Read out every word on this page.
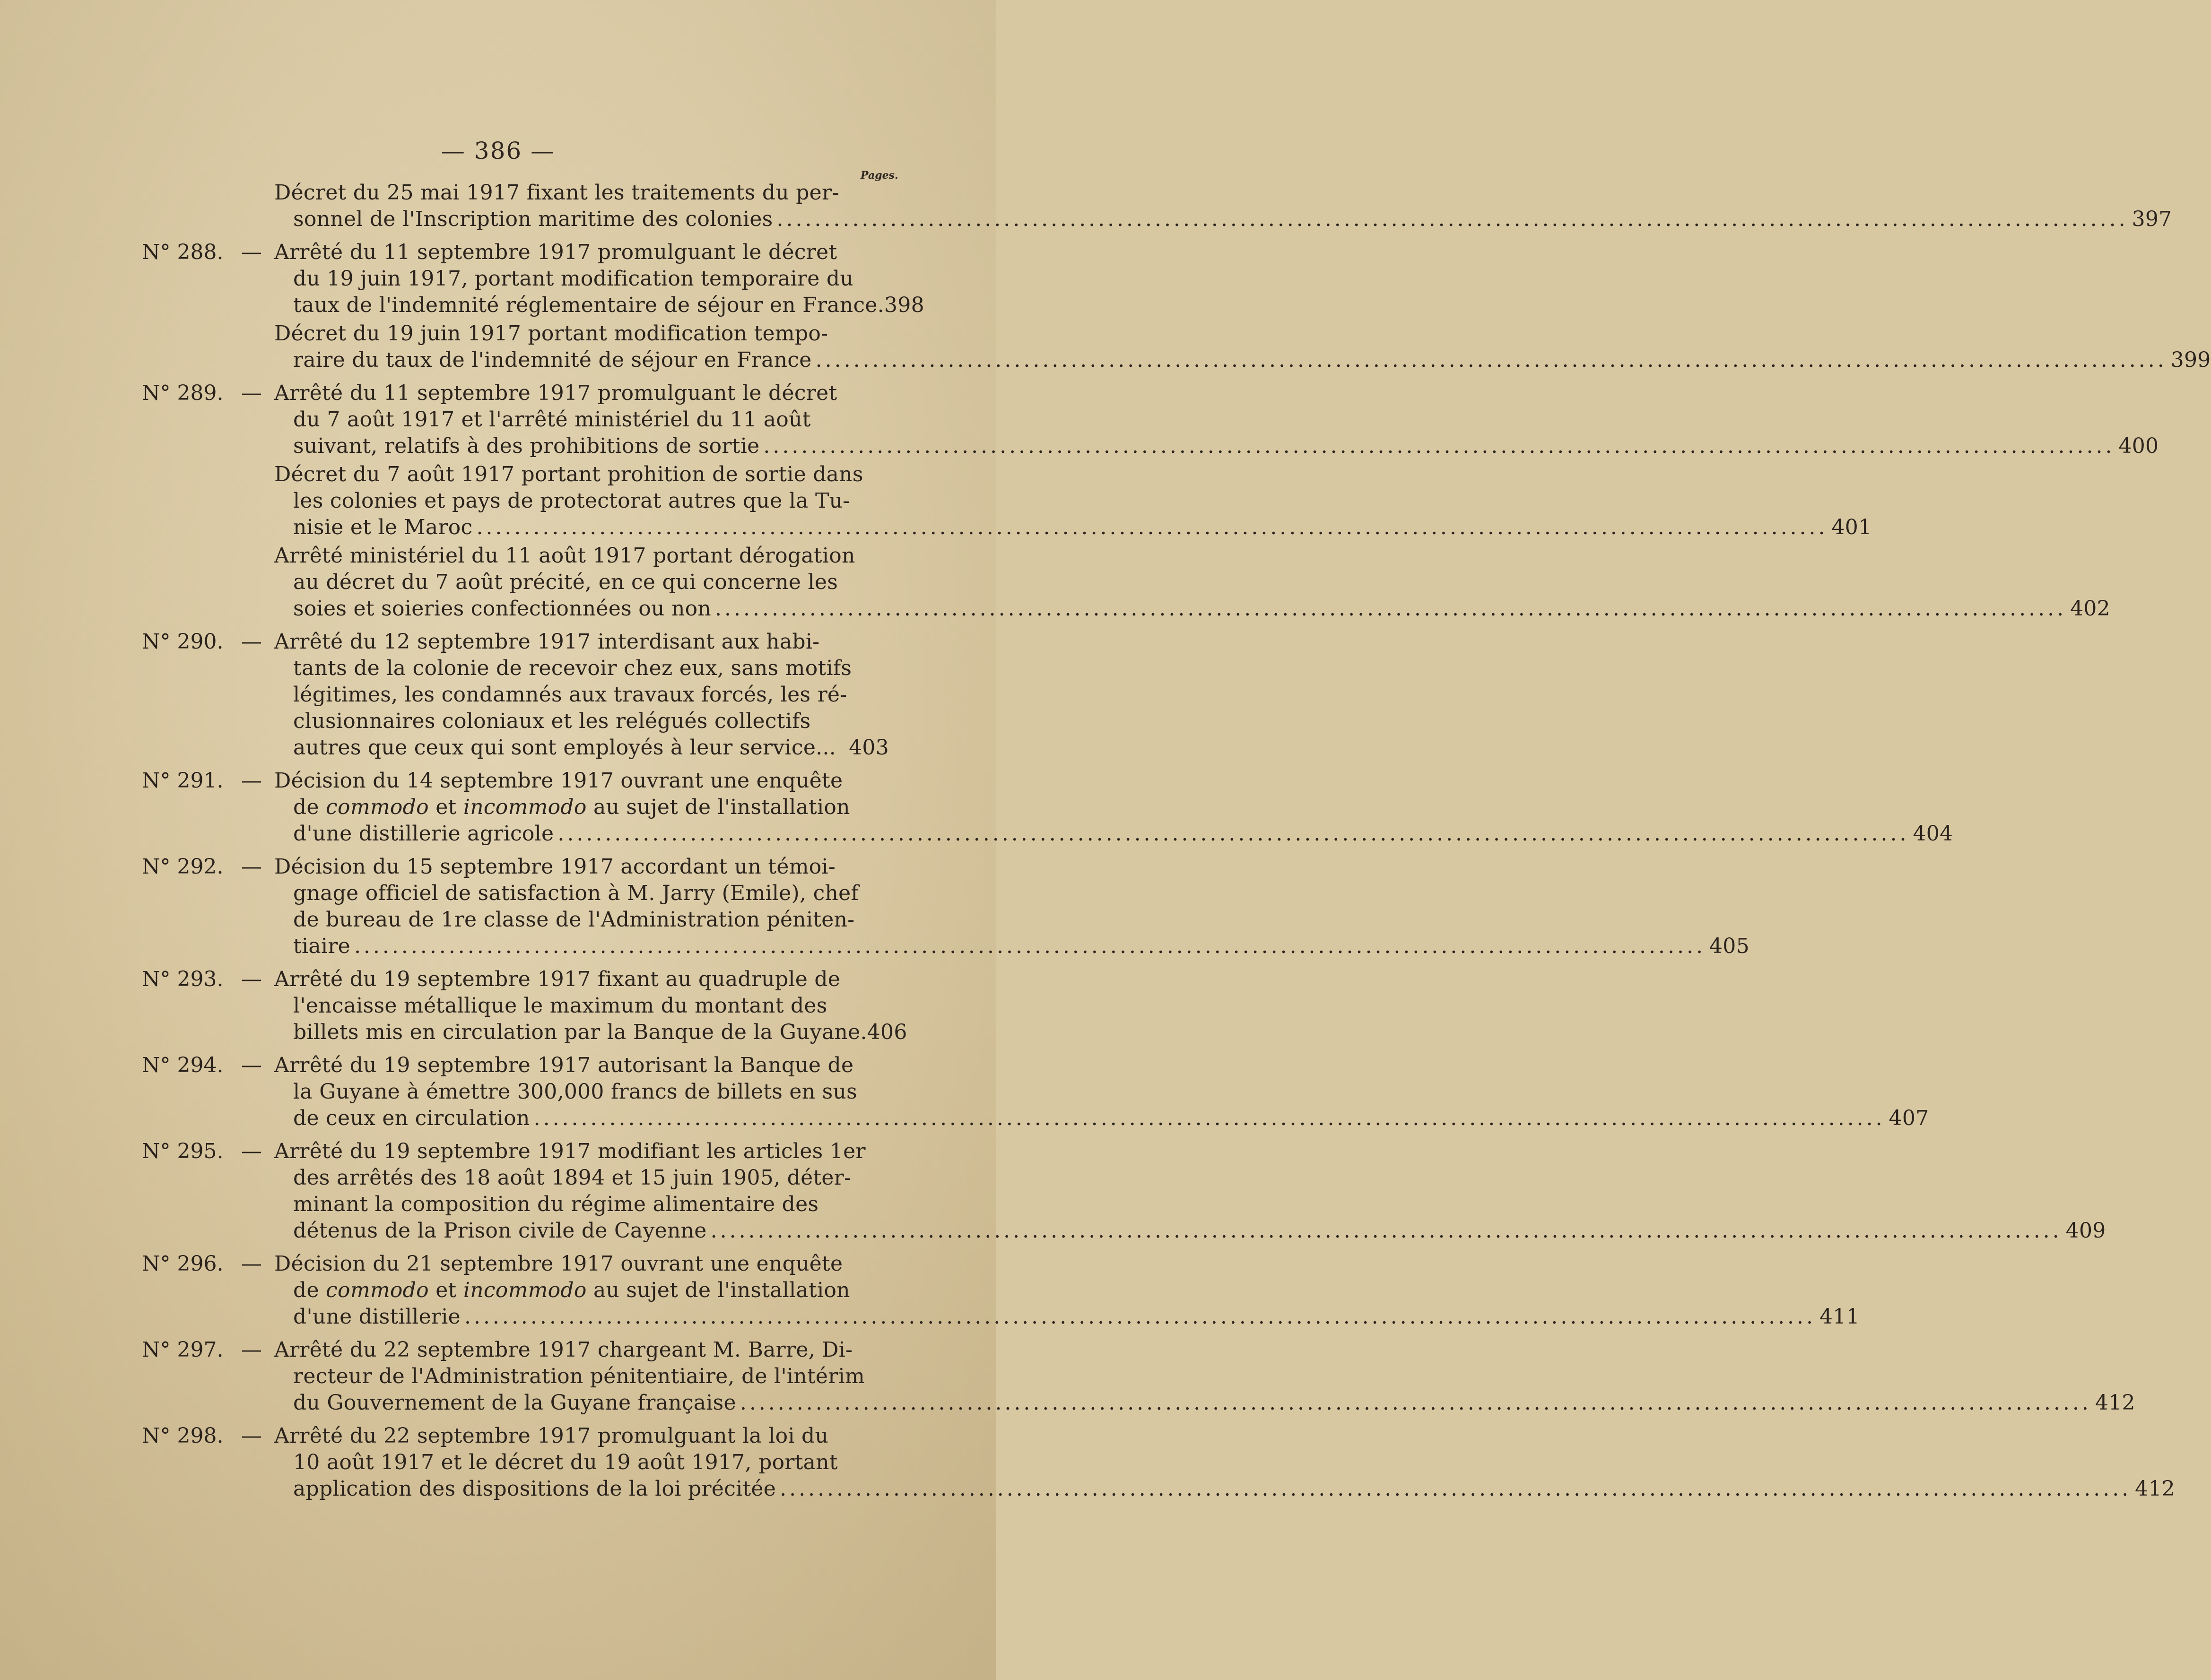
— 386 —
Pages.
Décret du 25 mai 1917 fixant les traitements du per-
sonnel de l'Inscription maritime des colonies .....	397
N° 288. — Arrêté du 11 septembre 1917 promulguant le décret
du 19 juin 1917, portant modification temporaire du
taux de l'indemnité réglementaire de séjour en France. 398
Décret du 19 juin 1917 portant modification tempo-
raire du taux de l'indemnité de séjour en France .....	399
N° 289. — Arrêté du 11 septembre 1917 promulguant le décret
du 7 août 1917 et l'arrêté ministériel du 11 août
suivant, relatifs à des prohibitions de sortie .....	400
Décret du 7 août 1917 portant prohition de sortie dans
les colonies et pays de protectorat autres que la Tu-
nisie et le Maroc .....	401
Arrêté ministériel du 11 août 1917 portant dérogation
au décret du 7 août précité, en ce qui concerne les
soies et soieries confectionnées ou non .....	402
N° 290. — Arrêté du 12 septembre 1917 interdisant aux habi-
tants de la colonie de recevoir chez eux, sans motifs
légitimes, les condamnés aux travaux forcés, les ré-
clusionnaires coloniaux et les relégués collectifs
autres que ceux qui sont employés à leur service... 403
N° 291. — Décision du 14 septembre 1917 ouvrant une enquête
de commodo et incommodo au sujet de l'installation
d'une distillerie agricole .....	404
N° 292. — Décision du 15 septembre 1917 accordant un témoi-
gnage officiel de satisfaction à M. Jarry (Emile), chef
de bureau de 1re classe de l'Administration péniten-
tiaire .....	405
N° 293. — Arrêté du 19 septembre 1917 fixant au quadruple de
l'encaisse métallique le maximum du montant des
billets mis en circulation par la Banque de la Guyane. 406
N° 294. — Arrêté du 19 septembre 1917 autorisant la Banque de
la Guyane à émettre 300,000 francs de billets en sus
de ceux en circulation .....	407
N° 295. — Arrêté du 19 septembre 1917 modifiant les articles 1er
des arrêtés des 18 août 1894 et 15 juin 1905, déter-
minant la composition du régime alimentaire des
détenus de la Prison civile de Cayenne .....	409
N° 296. — Décision du 21 septembre 1917 ouvrant une enquête
de commodo et incommodo au sujet de l'installation
d'une distillerie .....	411
N° 297. — Arrêté du 22 septembre 1917 chargeant M. Barre, Di-
recteur de l'Administration pénitentiaire, de l'intérim
du Gouvernement de la Guyane française .....	412
N° 298. — Arrêté du 22 septembre 1917 promulguant la loi du
10 août 1917 et le décret du 19 août 1917, portant
application des dispositions de la loi précitée .....	412
